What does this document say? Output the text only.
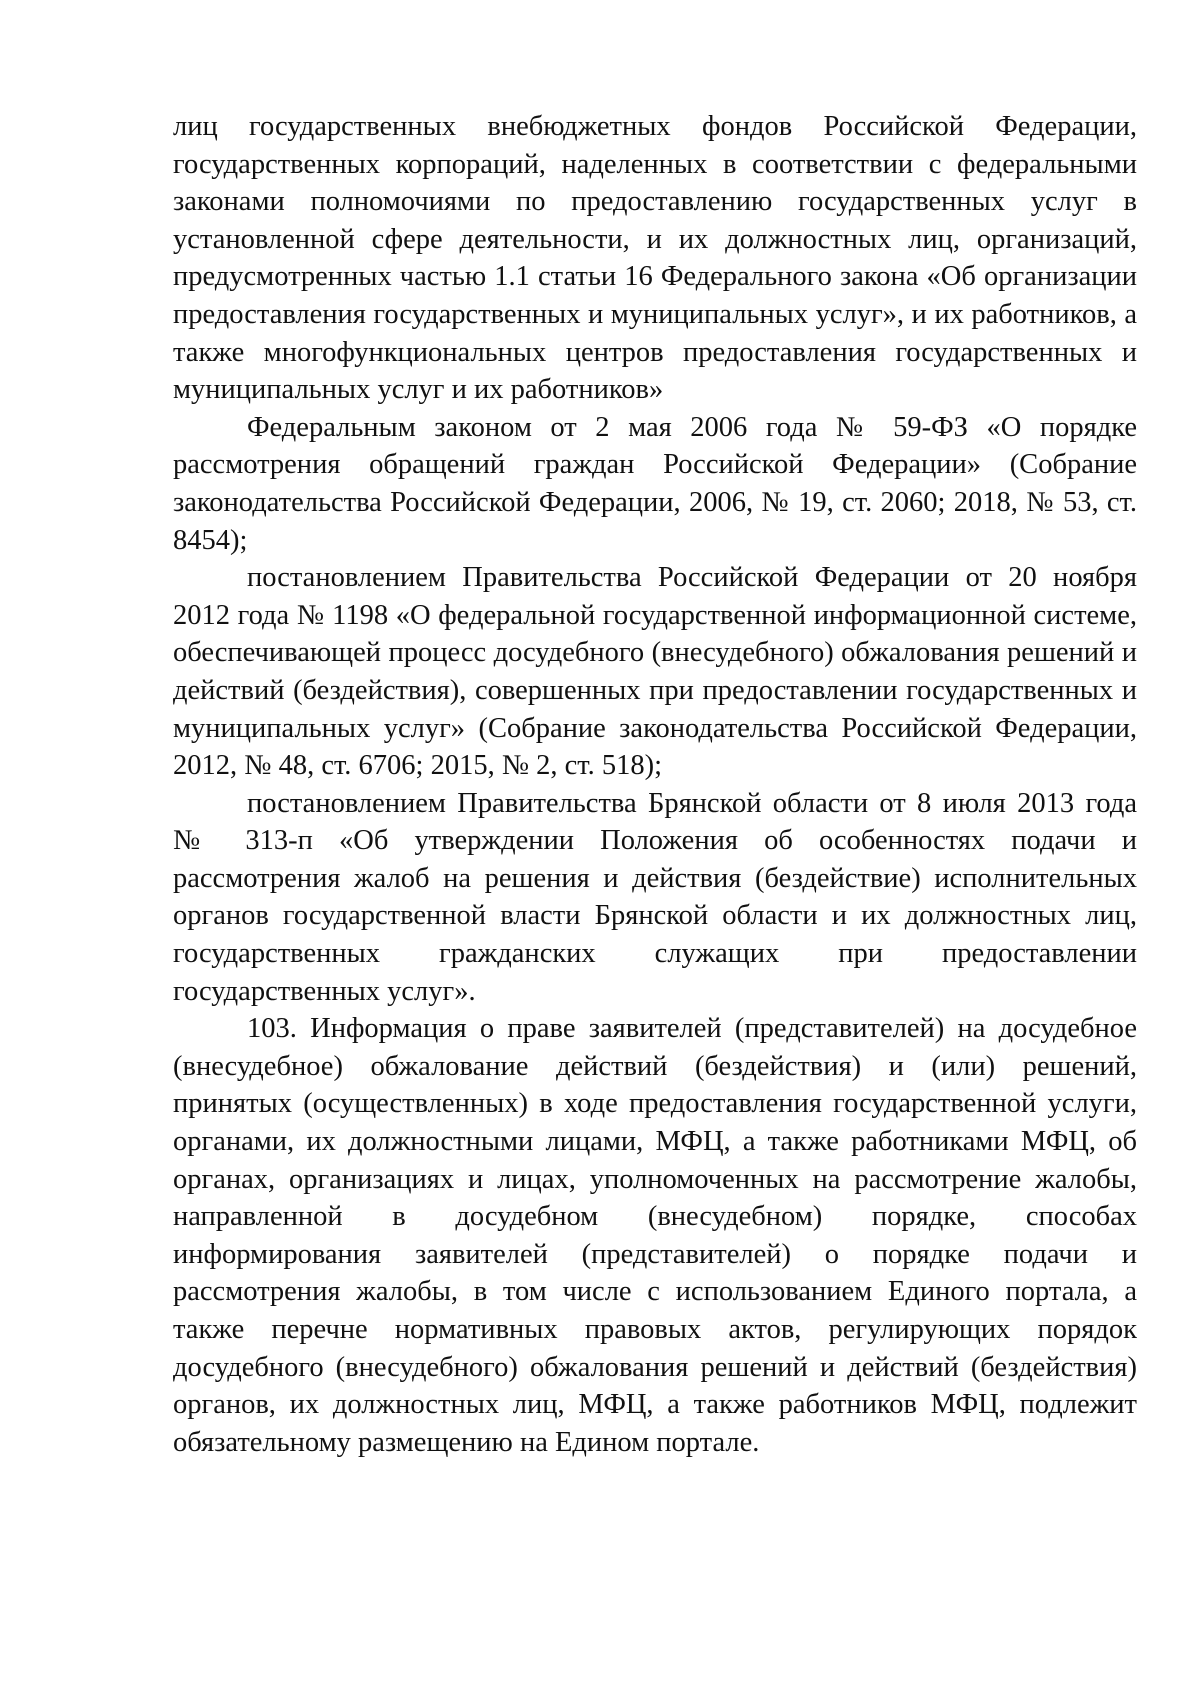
лиц государственных внебюджетных фондов Российской Федерации, государственных корпораций, наделенных в соответствии с федеральными законами полномочиями по предоставлению государственных услуг в установленной сфере деятельности, и их должностных лиц, организаций, предусмотренных частью 1.1 статьи 16 Федерального закона «Об организации предоставления государственных и муниципальных услуг», и их работников, а также многофункциональных центров предоставления государственных и муниципальных услуг и их работников»

Федеральным законом от 2 мая 2006 года № 59-ФЗ «О порядке рассмотрения обращений граждан Российской Федерации» (Собрание законодательства Российской Федерации, 2006, № 19, ст. 2060; 2018, № 53, ст. 8454);

постановлением Правительства Российской Федерации от 20 ноября 2012 года № 1198 «О федеральной государственной информационной системе, обеспечивающей процесс досудебного (внесудебного) обжалования решений и действий (бездействия), совершенных при предоставлении государственных и муниципальных услуг» (Собрание законодательства Российской Федерации, 2012, № 48, ст. 6706; 2015, № 2, ст. 518);

постановлением Правительства Брянской области от 8 июля 2013 года № 313-п «Об утверждении Положения об особенностях подачи и рассмотрения жалоб на решения и действия (бездействие) исполнительных органов государственной власти Брянской области и их должностных лиц, государственных гражданских служащих при предоставлении государственных услуг».

103. Информация о праве заявителей (представителей) на досудебное (внесудебное) обжалование действий (бездействия) и (или) решений, принятых (осуществленных) в ходе предоставления государственной услуги, органами, их должностными лицами, МФЦ, а также работниками МФЦ, об органах, организациях и лицах, уполномоченных на рассмотрение жалобы, направленной в досудебном (внесудебном) порядке, способах информирования заявителей (представителей) о порядке подачи и рассмотрения жалобы, в том числе с использованием Единого портала, а также перечне нормативных правовых актов, регулирующих порядок досудебного (внесудебного) обжалования решений и действий (бездействия) органов, их должностных лиц, МФЦ, а также работников МФЦ, подлежит обязательному размещению на Едином портале.
